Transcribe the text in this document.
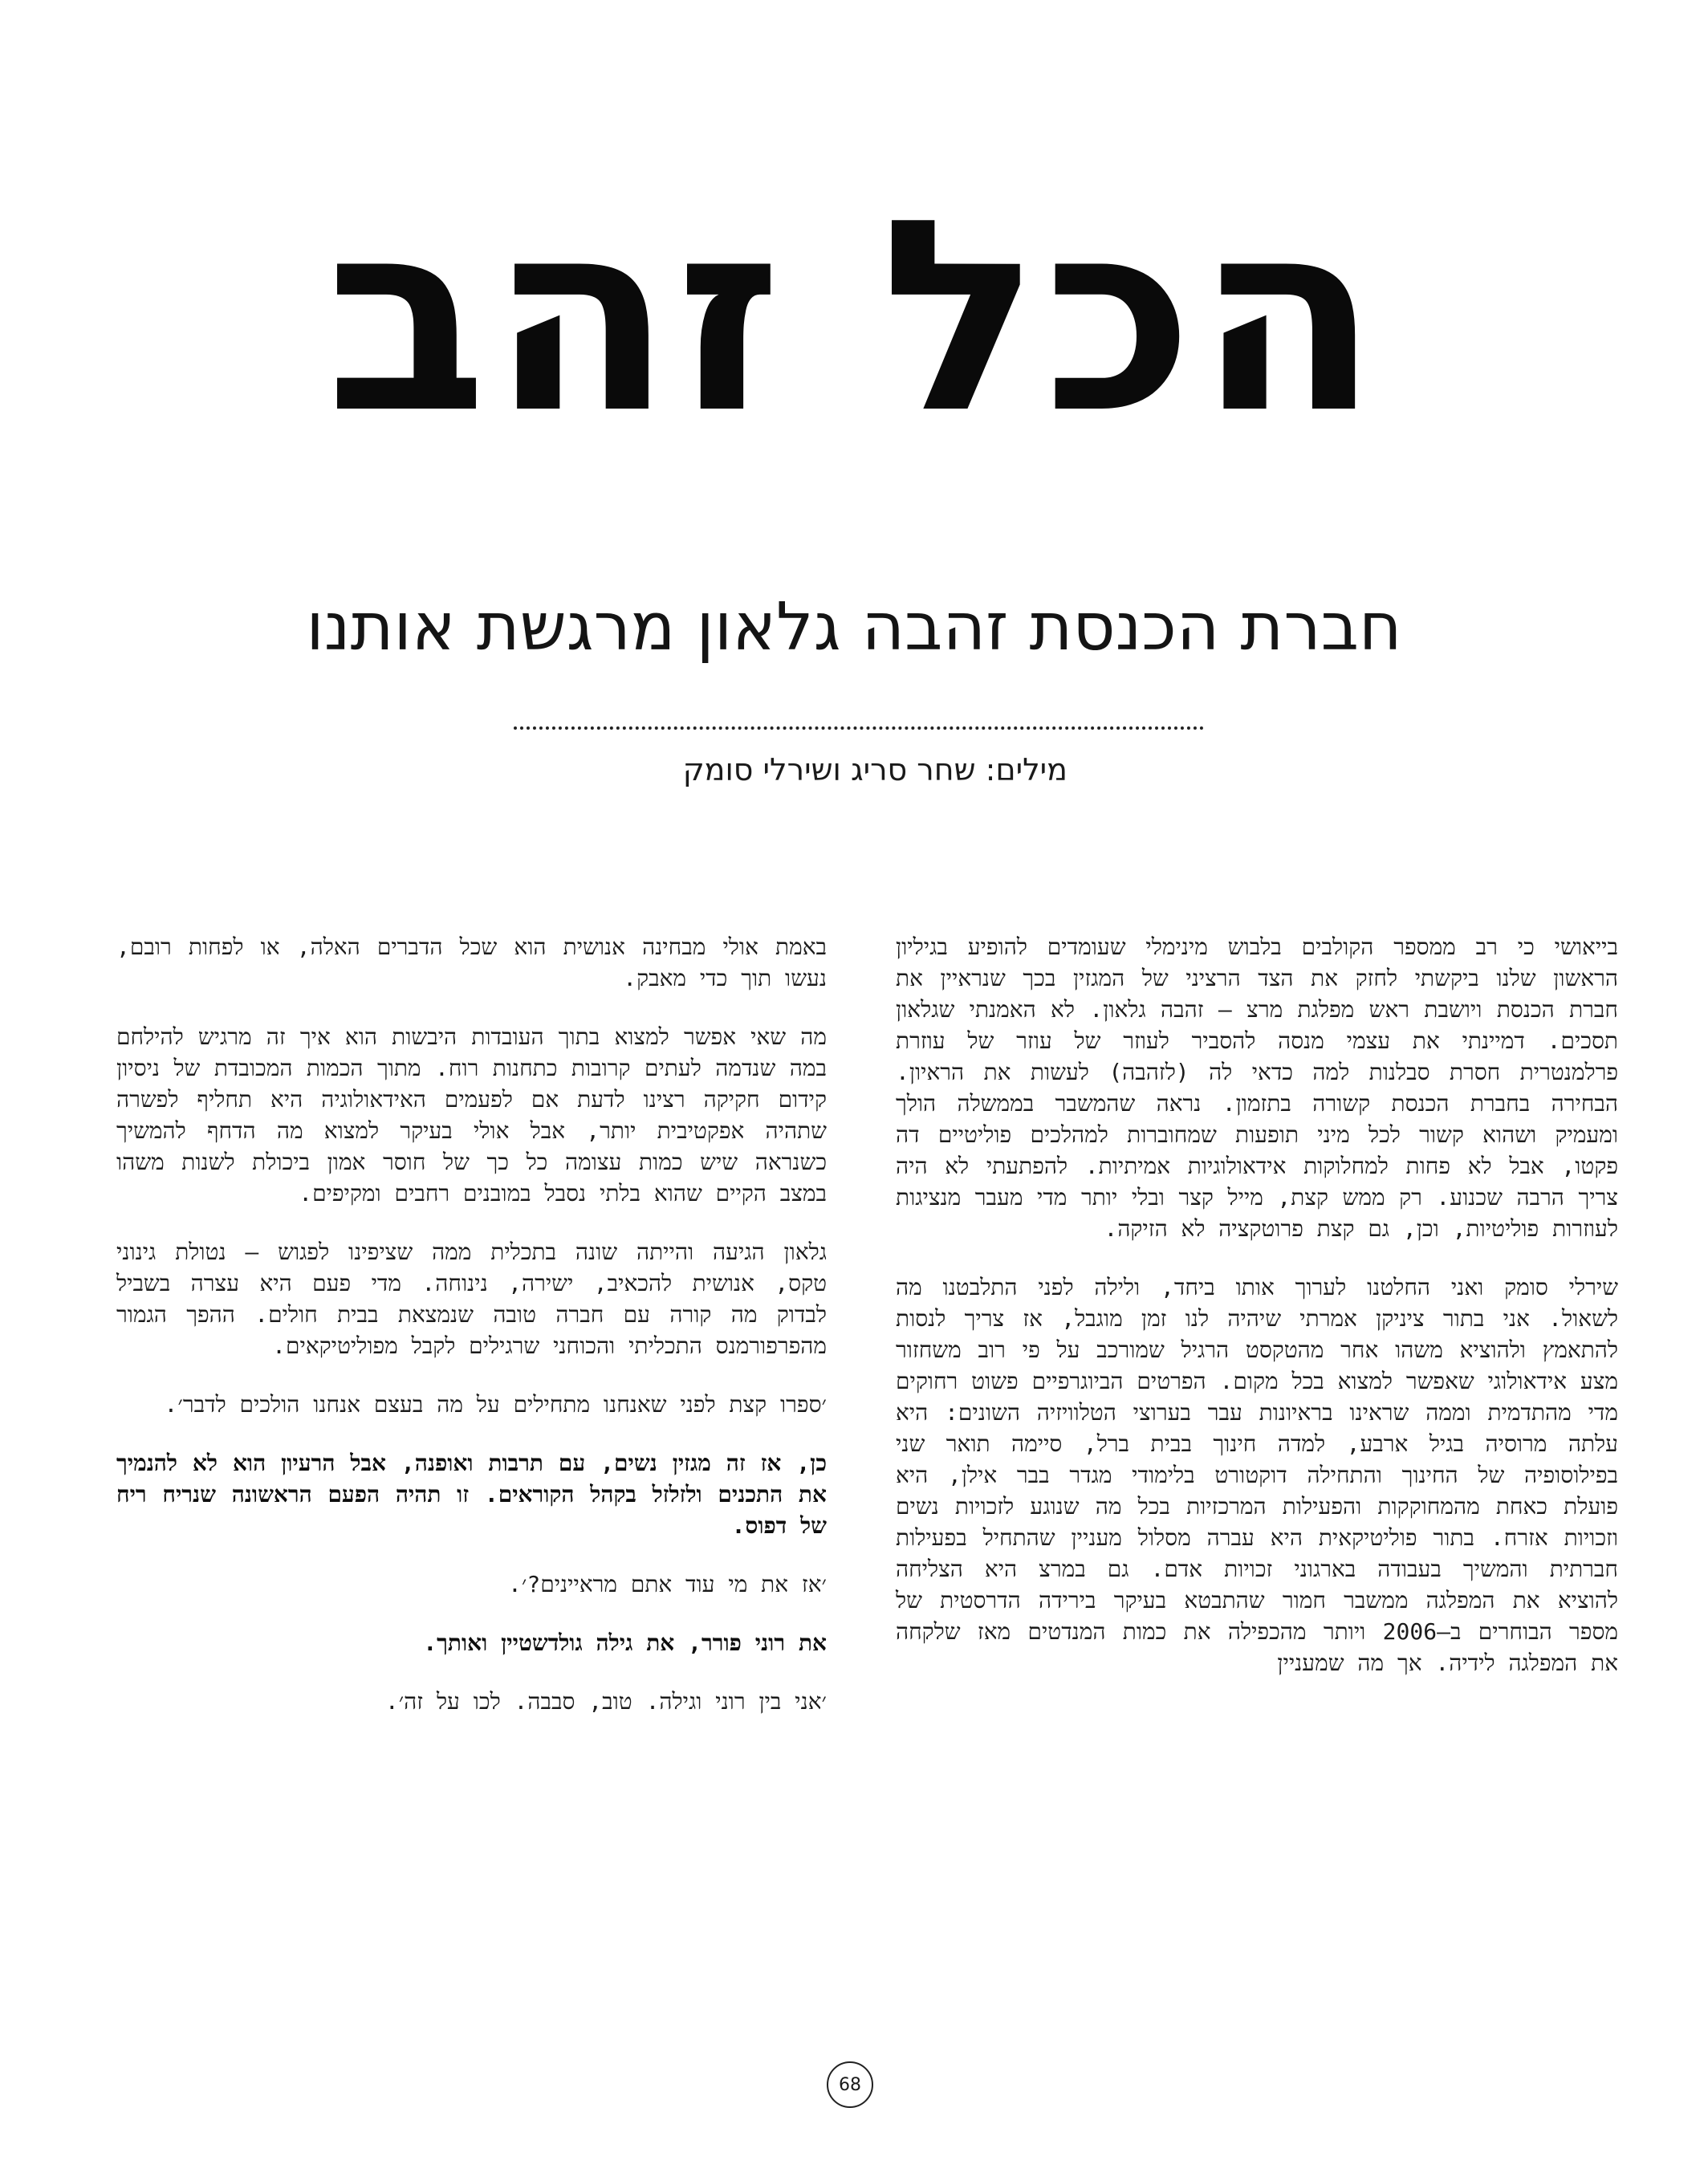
הכל זהב
חברת הכנסת זהבה גלאון מרגשת אותנו
מילים: שחר סריג ושירלי סומק

בייאושי כי רב ממספר הקולבים בלבוש מינימלי שעומדים להופיע בגיליון הראשון שלנו ביקשתי לחזק את הצד הרציני של המגזין בכך שנראיין את חברת הכנסת ויושבת ראש מפלגת מרצ – זהבה גלאון. לא האמנתי שגלאון תסכים. דמיינתי את עצמי מנסה להסביר לעוזר של עוזר של עוזרת פרלמנטרית חסרת סבלנות למה כדאי לה (לזהבה) לעשות את הראיון. הבחירה בחברת הכנסת קשורה בתזמון. נראה שהמשבר בממשלה הולך ומעמיק ושהוא קשור לכל מיני תופעות שמחוברות למהלכים פוליטיים דה פקטו, אבל לא פחות למחלוקות אידאולוגיות אמיתיות. להפתעתי לא היה צריך הרבה שכנוע. רק ממש קצת, מייל קצר ובלי יותר מדי מעבר מנציגות לעוזרות פוליטיות, וכן, גם קצת פרוטקציה לא הזיקה.

שירלי סומק ואני החלטנו לערוך אותו ביחד, ולילה לפני התלבטנו מה לשאול. אני בתור ציניקן אמרתי שיהיה לנו זמן מוגבל, אז צריך לנסות להתאמץ ולהוציא משהו אחר מהטקסט הרגיל שמורכב על פי רוב משחזור מצע אידאולוגי שאפשר למצוא בכל מקום. הפרטים הביוגרפיים פשוט רחוקים מדי מהתדמית וממה שראינו בראיונות עבר בערוצי הטלוויזיה השונים: היא עלתה מרוסיה בגיל ארבע, למדה חינוך בבית ברל, סיימה תואר שני בפילוסופיה של החינוך והתחילה דוקטורט בלימודי מגדר בבר אילן, היא פועלת כאחת מהמחוקקות והפעילות המרכזיות בכל מה שנוגע לזכויות נשים וזכויות אזרח. בתור פוליטיקאית היא עברה מסלול מעניין שהתחיל בפעילות חברתית והמשיך בעבודה בארגוני זכויות אדם. גם במרצ היא הצליחה להוציא את המפלגה ממשבר חמור שהתבטא בעיקר בירידה הדרסטית של מספר הבוחרים ב–2006 ויותר מהכפילה את כמות המנדטים מאז שלקחה את המפלגה לידיה. אך מה שמעניין

באמת אולי מבחינה אנושית הוא שכל הדברים האלה, או לפחות רובם, נעשו תוך כדי מאבק.

מה שאי אפשר למצוא בתוך העובדות היבשות הוא איך זה מרגיש להילחם במה שנדמה לעתים קרובות כתחנות רוח. מתוך הכמות המכובדת של ניסיון קידום חקיקה רצינו לדעת אם לפעמים האידאולוגיה היא תחליף לפשרה שתהיה אפקטיבית יותר, אבל אולי בעיקר למצוא מה הדחף להמשיך כשנראה שיש כמות עצומה כל כך של חוסר אמון ביכולת לשנות משהו במצב הקיים שהוא בלתי נסבל במובנים רחבים ומקיפים.

גלאון הגיעה והייתה שונה בתכלית ממה שציפינו לפגוש – נטולת גינוני טקס, אנושית להכאיב, ישירה, נינוחה. מדי פעם היא עצרה בשביל לבדוק מה קורה עם חברה טובה שנמצאת בבית חולים. ההפך הגמור מהפרפורמנס התכליתי והכוחני שרגילים לקבל מפוליטיקאים.

׳ספרו קצת לפני שאנחנו מתחילים על מה בעצם אנחנו הולכים לדבר׳.

כן, אז זה מגזין נשים, עם תרבות ואופנה, אבל הרעיון הוא לא להנמיך את התכנים ולזלזל בקהל הקוראים. זו תהיה הפעם הראשונה שנריח ריח של דפוס.

׳אז את מי עוד אתם מראיינים?׳.

את רוני פורר, את גילה גולדשטיין ואותך.

׳אני בין רוני וגילה. טוב, סבבה. לכו על זה׳.

68
